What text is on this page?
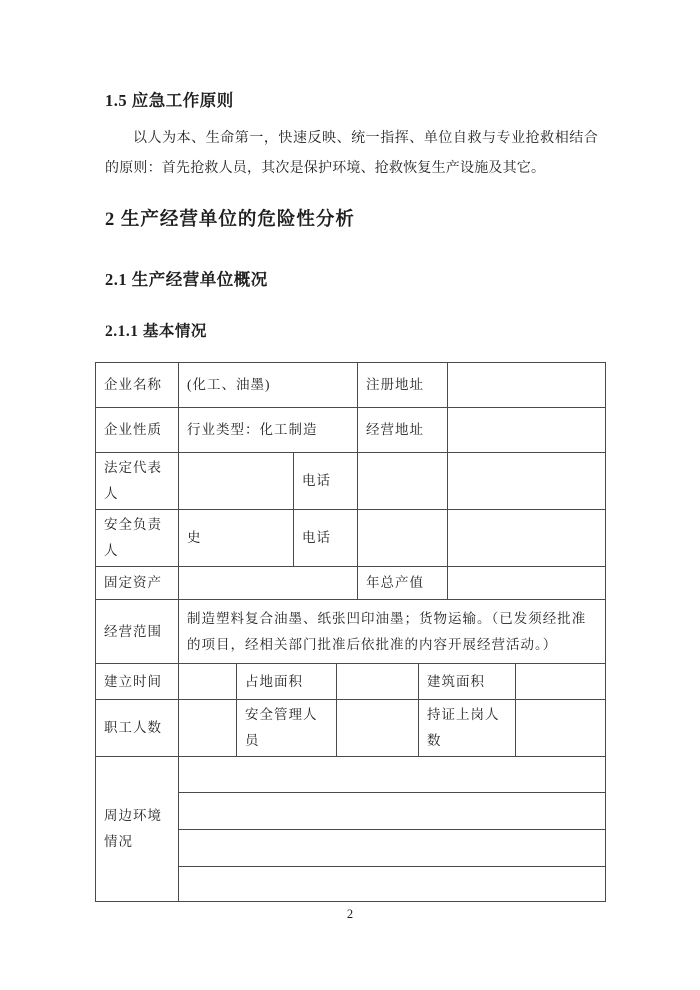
1.5 应急工作原则
以人为本、生命第一，快速反映、统一指挥、单位自救与专业抢救相结合的原则：首先抢救人员，其次是保护环境、抢救恢复生产设施及其它。
2 生产经营单位的危险性分析
2.1 生产经营单位概况
2.1.1 基本情况
企业名称	(化工、油墨)				注册地址			
企业性质	行业类型：化工制造				经营地址			
法定代表人			电话					
安全负责人	史		电话					
固定资产					年总产值			
经营范围	制造塑料复合油墨、纸张凹印油墨；货物运输。（已发须经批准的项目，经相关部门批准后依批准的内容开展经营活动。）							
建立时间		占地面积				建筑面积		
职工人数		安全管理人员				持证上岗人数		
周边环境情况								

2
